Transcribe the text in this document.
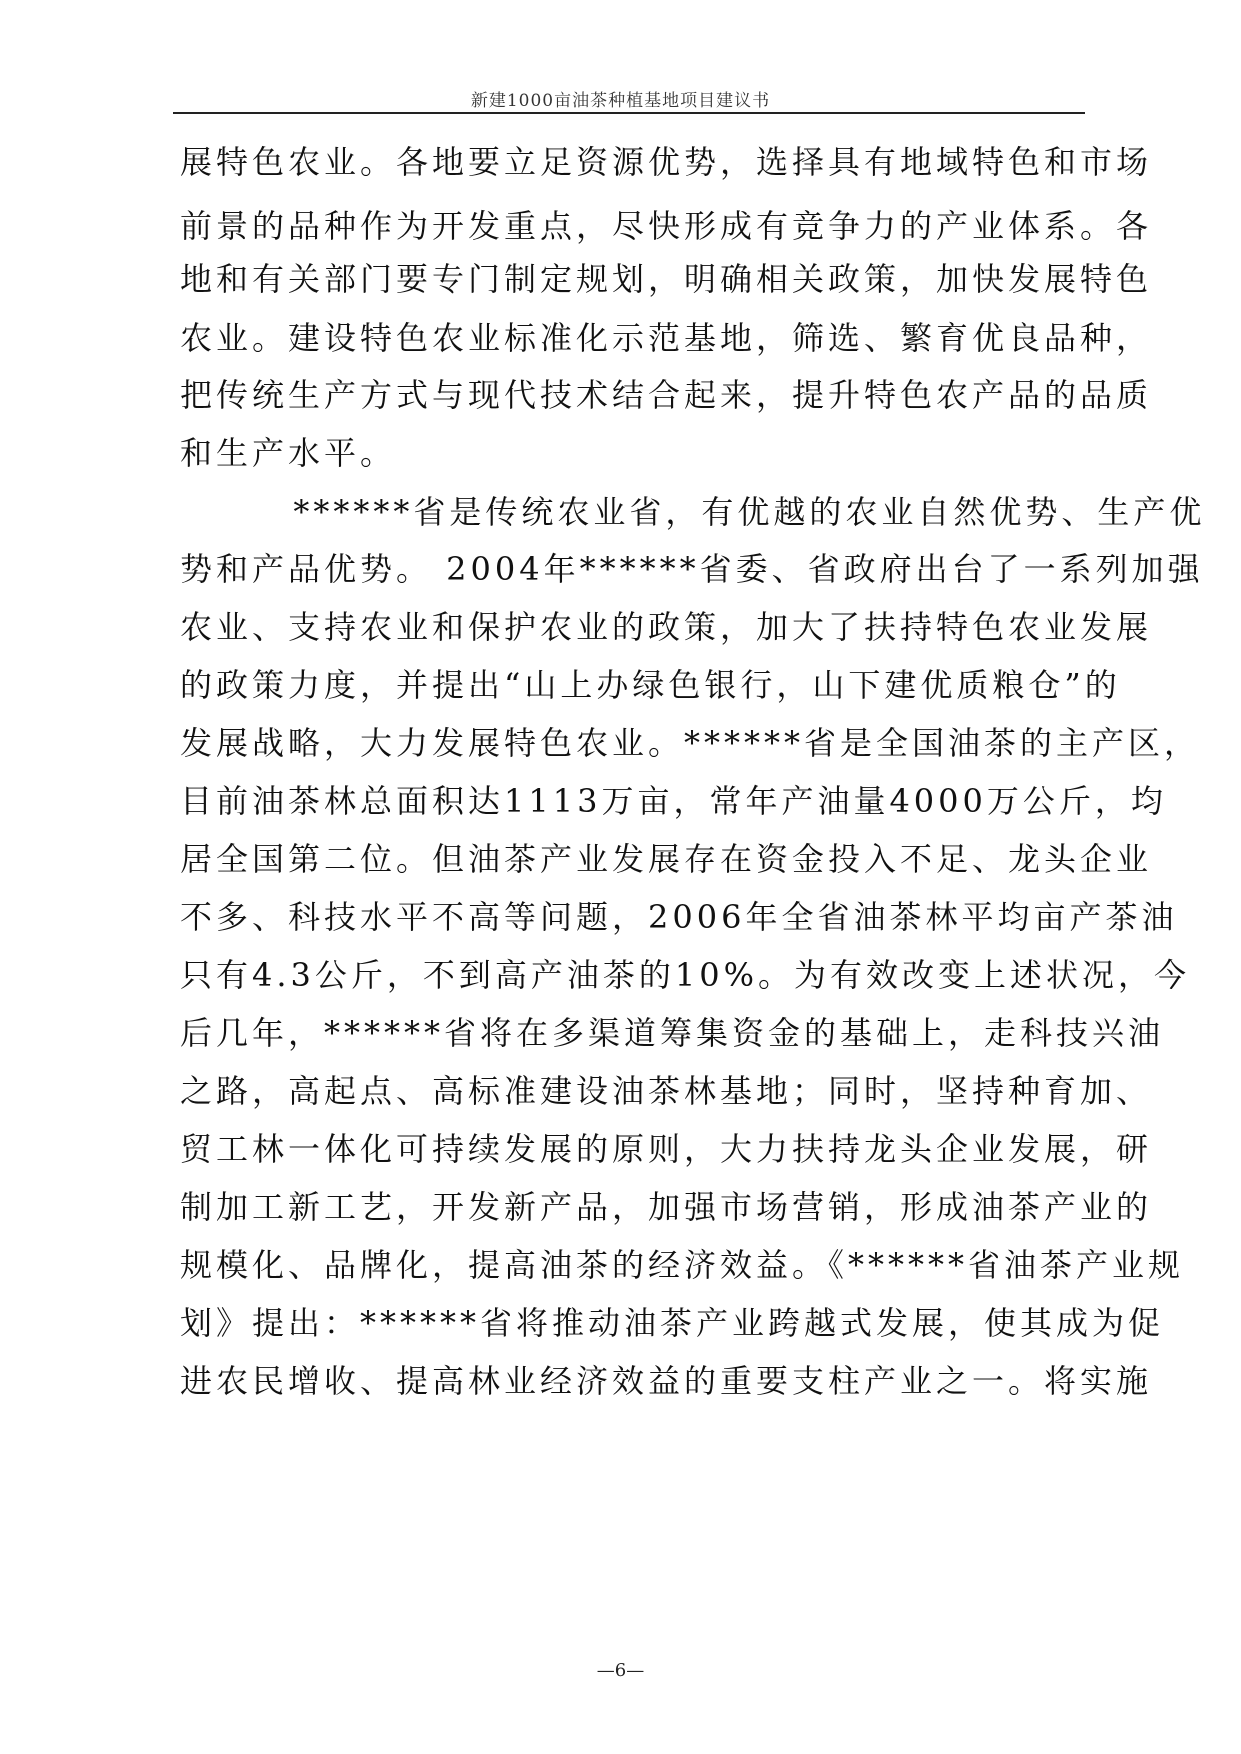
新建1000亩油茶种植基地项目建议书
展特色农业。各地要立足资源优势，选择具有地域特色和市场
前景的品种作为开发重点，尽快形成有竞争力的产业体系。各
地和有关部门要专门制定规划，明确相关政策，加快发展特色
农业。建设特色农业标准化示范基地，筛选、繁育优良品种，
把传统生产方式与现代技术结合起来，提升特色农产品的品质
和生产水平。
******省是传统农业省，有优越的农业自然优势、生产优
势和产品优势。 2004年******省委、省政府出台了一系列加强
农业、支持农业和保护农业的政策，加大了扶持特色农业发展
的政策力度，并提出“山上办绿色银行，山下建优质粮仓”的
发展战略，大力发展特色农业。******省是全国油茶的主产区，
目前油茶林总面积达1113万亩，常年产油量4000万公斤，均
居全国第二位。但油茶产业发展存在资金投入不足、龙头企业
不多、科技水平不高等问题，2006年全省油茶林平均亩产茶油
只有4.3公斤，不到高产油茶的10%。为有效改变上述状况，今
后几年，******省将在多渠道筹集资金的基础上，走科技兴油
之路，高起点、高标准建设油茶林基地；同时，坚持种育加、
贸工林一体化可持续发展的原则，大力扶持龙头企业发展，研
制加工新工艺，开发新产品，加强市场营销，形成油茶产业的
规模化、品牌化，提高油茶的经济效益。《******省油茶产业规
划》提出：******省将推动油茶产业跨越式发展，使其成为促
进农民增收、提高林业经济效益的重要支柱产业之一。将实施
—6—
